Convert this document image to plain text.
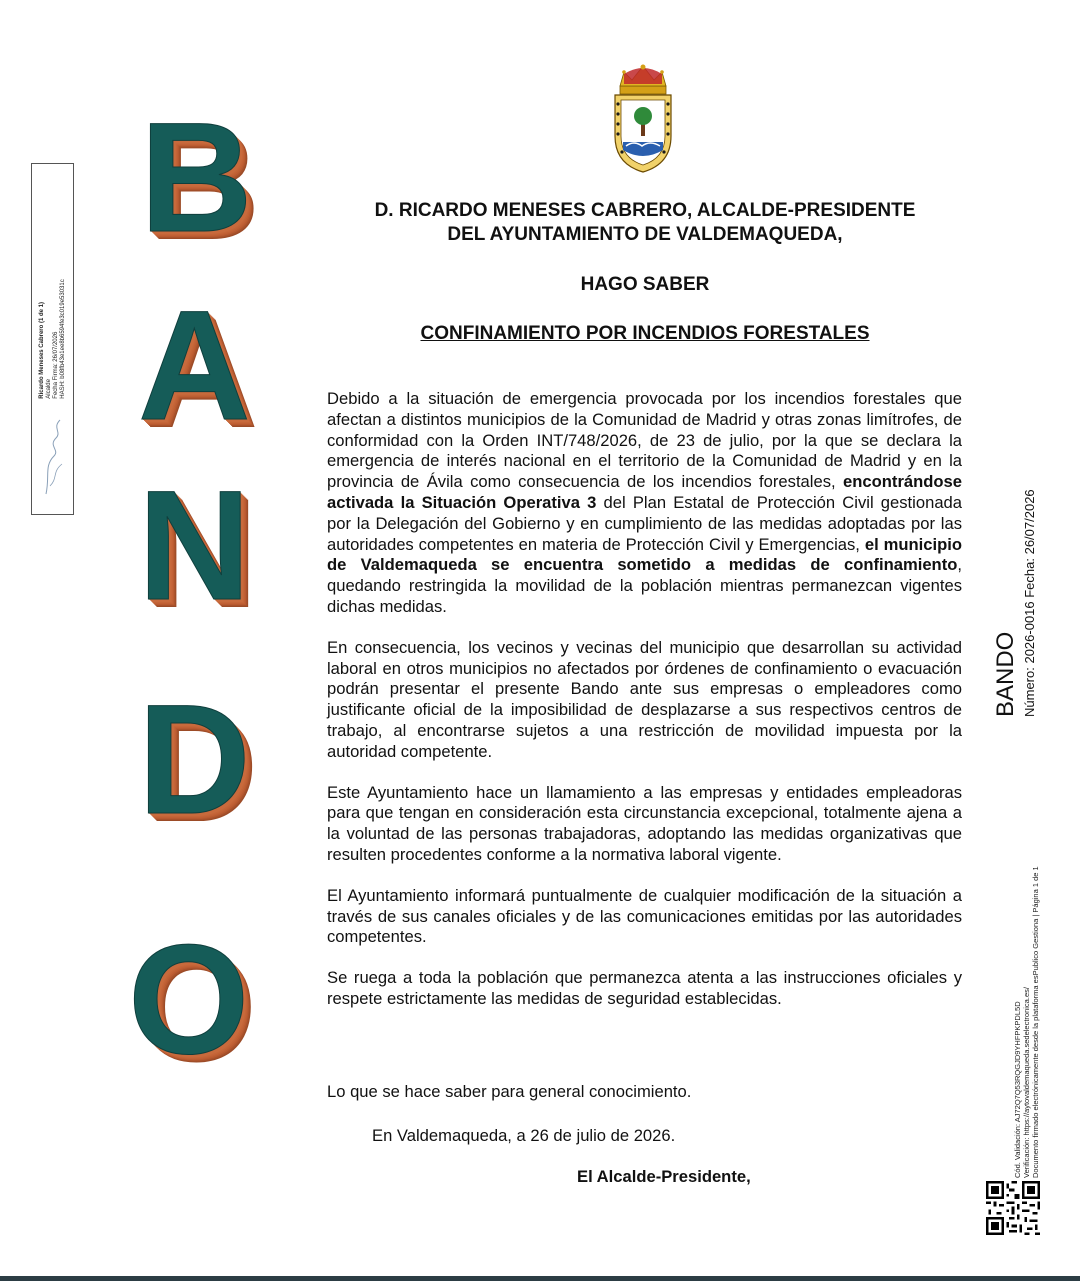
B
A
N
D
O
Ricardo Meneses Cabrero (1 de 1) Alcalde Fecha Firma: 26/07/2026 HASH: b08fb43e1ee8b6594fe3c019e53031c
D. RICARDO MENESES CABRERO, ALCALDE-PRESIDENTE
DEL AYUNTAMIENTO DE VALDEMAQUEDA,
HAGO SABER
CONFINAMIENTO POR INCENDIOS FORESTALES

Debido a la situación de emergencia provocada por los incendios forestales que afectan a distintos municipios de la Comunidad de Madrid y otras zonas limítrofes, de conformidad con la Orden INT/748/2026, de 23 de julio, por la que se declara la emergencia de interés nacional en el territorio de la Comunidad de Madrid y en la provincia de Ávila como consecuencia de los incendios forestales, encontrándose activada la Situación Operativa 3 del Plan Estatal de Protección Civil gestionada por la Delegación del Gobierno y en cumplimiento de las medidas adoptadas por las autoridades competentes en materia de Protección Civil y Emergencias, el municipio de Valdemaqueda se encuentra sometido a medidas de confinamiento, quedando restringida la movilidad de la población mientras permanezcan vigentes dichas medidas.

En consecuencia, los vecinos y vecinas del municipio que desarrollan su actividad laboral en otros municipios no afectados por órdenes de confinamiento o evacuación podrán presentar el presente Bando ante sus empresas o empleadores como justificante oficial de la imposibilidad de desplazarse a sus respectivos centros de trabajo, al encontrarse sujetos a una restricción de movilidad impuesta por la autoridad competente.

Este Ayuntamiento hace un llamamiento a las empresas y entidades empleadoras para que tengan en consideración esta circunstancia excepcional, totalmente ajena a la voluntad de las personas trabajadoras, adoptando las medidas organizativas que resulten procedentes conforme a la normativa laboral vigente.

El Ayuntamiento informará puntualmente de cualquier modificación de la situación a través de sus canales oficiales y de las comunicaciones emitidas por las autoridades competentes.

Se ruega a toda la población que permanezca atenta a las instrucciones oficiales y respete estrictamente las medidas de seguridad establecidas.

Lo que se hace saber para general conocimiento.
En Valdemaqueda, a 26 de julio de 2026.
El Alcalde-Presidente,
BANDO Número: 2026-0016 Fecha: 26/07/2026
Cód. Validación: AJ72Q7Q53RQGJD9YHFPKPDL5D Verificación: https://aytovaldemaqueda.sedelectronica.es/ Documento firmado electrónicamente desde la plataforma esPublico Gestiona | Página 1 de 1
